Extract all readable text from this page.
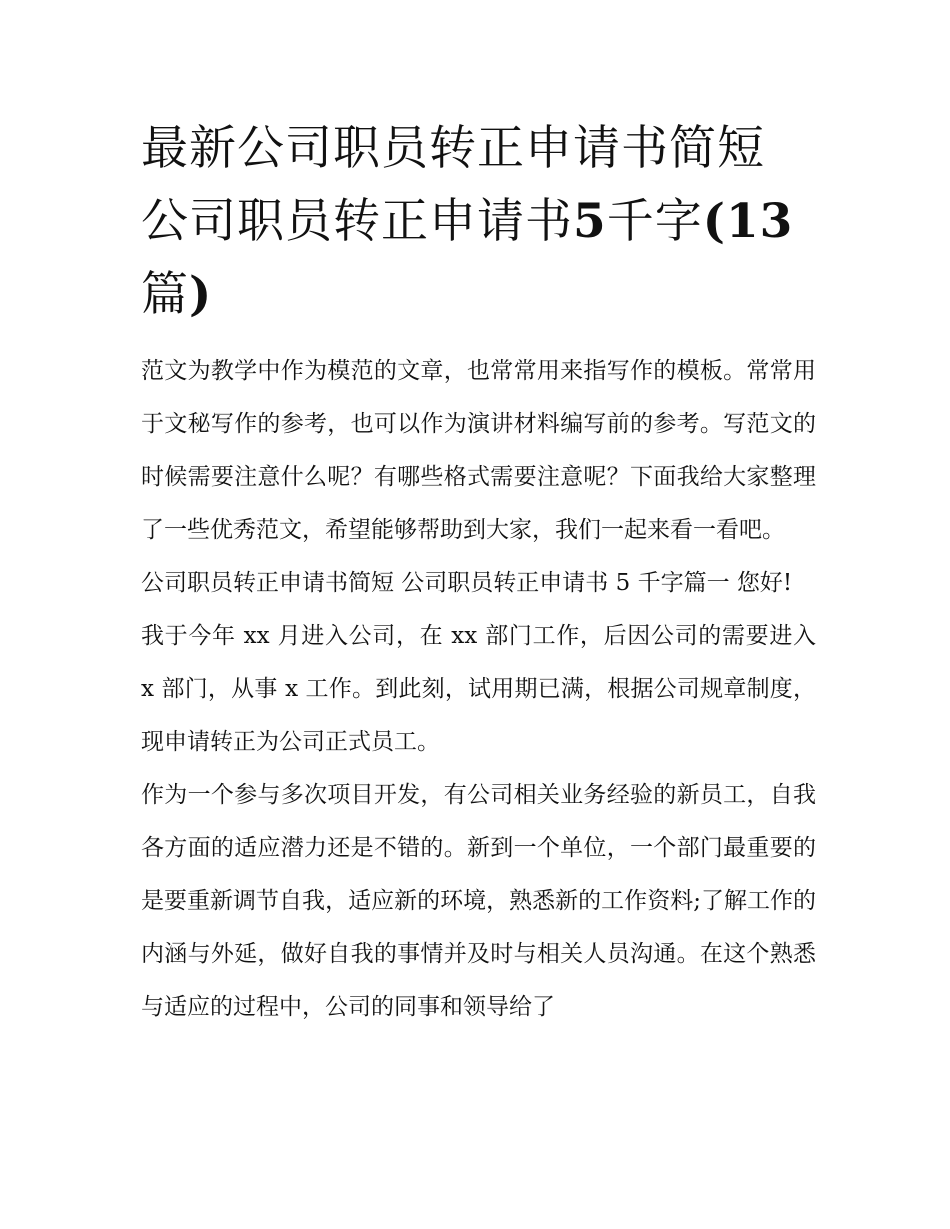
最新公司职员转正申请书简短
公司职员转正申请书5千字(13
篇)

范文为教学中作为模范的文章，也常常用来指写作的模板。常常用于文秘写作的参考，也可以作为演讲材料编写前的参考。写范文的时候需要注意什么呢？有哪些格式需要注意呢？下面我给大家整理了一些优秀范文，希望能够帮助到大家，我们一起来看一看吧。

公司职员转正申请书简短 公司职员转正申请书 5 千字篇一 您好!

我于今年 xx 月进入公司，在 xx 部门工作，后因公司的需要进入 x 部门，从事 x 工作。到此刻，试用期已满，根据公司规章制度，现申请转正为公司正式员工。

作为一个参与多次项目开发，有公司相关业务经验的新员工，自我各方面的适应潜力还是不错的。新到一个单位，一个部门最重要的是要重新调节自我，适应新的环境，熟悉新的工作资料;了解工作的内涵与外延，做好自我的事情并及时与相关人员沟通。在这个熟悉与适应的过程中，公司的同事和领导给了
